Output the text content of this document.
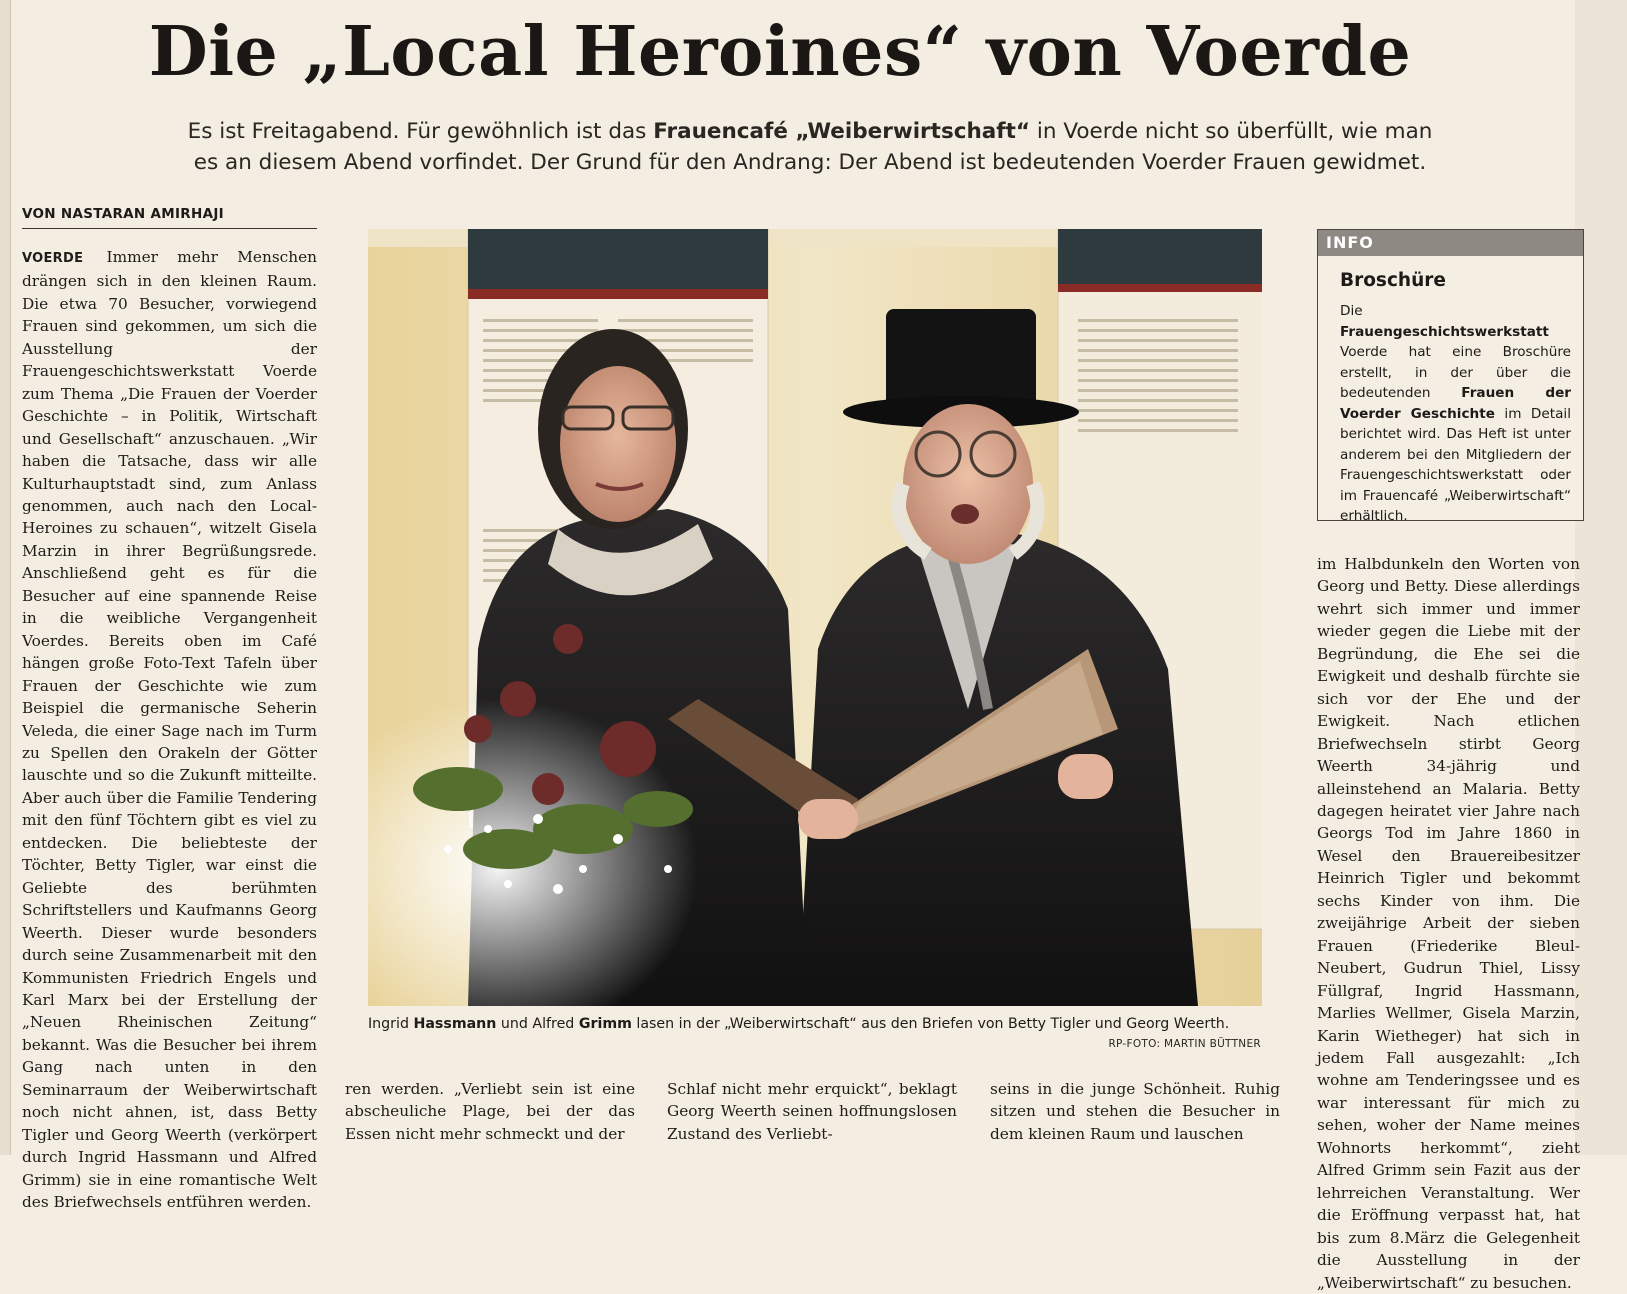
Die „Local Heroines“ von Voerde
Es ist Freitagabend. Für gewöhnlich ist das Frauencafé „Weiberwirtschaft“ in Voerde nicht so überfüllt, wie man es an diesem Abend vorfindet. Der Grund für den Andrang: Der Abend ist bedeutenden Voerder Frauen gewidmet.
VON NASTARAN AMIRHAJI
VOERDE Immer mehr Menschen drängen sich in den kleinen Raum. Die etwa 70 Besucher, vorwiegend Frauen sind gekommen, um sich die Ausstellung der Frauengeschichtswerkstatt Voerde zum Thema „Die Frauen der Voerder Geschichte – in Politik, Wirtschaft und Gesellschaft“ anzuschauen. „Wir haben die Tatsache, dass wir alle Kulturhauptstadt sind, zum Anlass genommen, auch nach den Local-Heroines zu schauen“, witzelt Gisela Marzin in ihrer Begrüßungsrede. Anschließend geht es für die Besucher auf eine spannende Reise in die weibliche Vergangenheit Voerdes. Bereits oben im Café hängen große Foto-Text Tafeln über Frauen der Geschichte wie zum Beispiel die germanische Seherin Veleda, die einer Sage nach im Turm zu Spellen den Orakeln der Götter lauschte und so die Zukunft mitteilte. Aber auch über die Familie Tendering mit den fünf Töchtern gibt es viel zu entdecken. Die beliebteste der Töchter, Betty Tigler, war einst die Geliebte des berühmten Schriftstellers und Kaufmanns Georg Weerth. Dieser wurde besonders durch seine Zusammenarbeit mit den Kommunisten Friedrich Engels und Karl Marx bei der Erstellung der „Neuen Rheinischen Zeitung“ bekannt. Was die Besucher bei ihrem Gang nach unten in den Seminarraum der Weiberwirtschaft noch nicht ahnen, ist, dass Betty Tigler und Georg Weerth (verkörpert durch Ingrid Hassmann und Alfred Grimm) sie in eine romantische Welt des Briefwechsels entführen werden.
Ingrid Hassmann und Alfred Grimm lasen in der „Weiberwirtschaft“ aus den Briefen von Betty Tigler und Georg Weerth.
RP-FOTO: MARTIN BÜTTNER
ren werden. „Verliebt sein ist eine abscheuliche Plage, bei der das Essen nicht mehr schmeckt und der
Schlaf nicht mehr erquickt“, beklagt Georg Weerth seinen hoffnungslosen Zustand des Verliebt-
seins in die junge Schönheit. Ruhig sitzen und stehen die Besucher in dem kleinen Raum und lauschen
INFO
Broschüre
Die Frauengeschichtswerkstatt Voerde hat eine Broschüre erstellt, in der über die bedeutenden Frauen der Voerder Geschichte im Detail berichtet wird. Das Heft ist unter anderem bei den Mitgliedern der Frauengeschichtswerkstatt oder im Frauencafé „Weiberwirtschaft“ erhältlich.
im Halbdunkeln den Worten von Georg und Betty. Diese allerdings wehrt sich immer und immer wieder gegen die Liebe mit der Begründung, die Ehe sei die Ewigkeit und deshalb fürchte sie sich vor der Ehe und der Ewigkeit. Nach etlichen Briefwechseln stirbt Georg Weerth 34-jährig und alleinstehend an Malaria. Betty dagegen heiratet vier Jahre nach Georgs Tod im Jahre 1860 in Wesel den Brauereibesitzer Heinrich Tigler und bekommt sechs Kinder von ihm. Die zweijährige Arbeit der sieben Frauen (Friederike Bleul-Neubert, Gudrun Thiel, Lissy Füllgraf, Ingrid Hassmann, Marlies Wellmer, Gisela Marzin, Karin Wietheger) hat sich in jedem Fall ausgezahlt: „Ich wohne am Tenderingssee und es war interessant für mich zu sehen, woher der Name meines Wohnorts herkommt“, zieht Alfred Grimm sein Fazit aus der lehrreichen Veranstaltung. Wer die Eröffnung verpasst hat, hat bis zum 8.März die Gelegenheit die Ausstellung in der „Weiberwirtschaft“ zu besuchen.
